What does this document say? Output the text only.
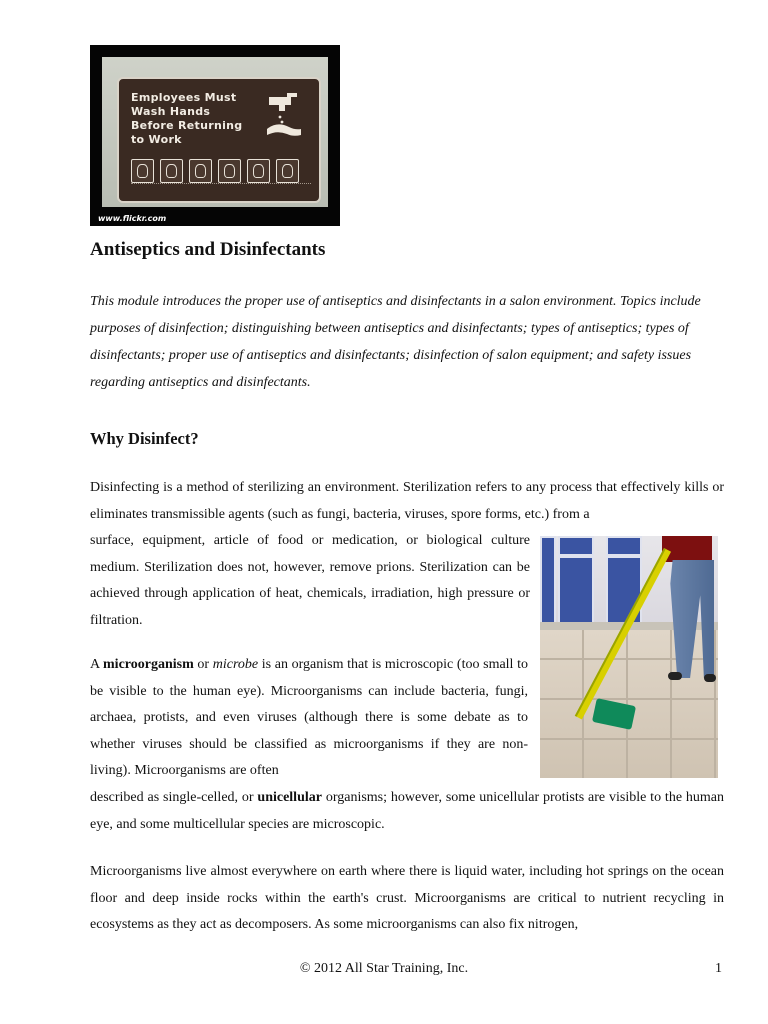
Employees Must
Wash Hands
Before Returning
to Work
www.flickr.com
Antiseptics and Disinfectants

This module introduces the proper use of antiseptics and disinfectants in a salon environment. Topics include purposes of disinfection; distinguishing between antiseptics and disinfectants; types of antiseptics; types of disinfectants; proper use of antiseptics and disinfectants; disinfection of salon equipment; and safety issues regarding antiseptics and disinfectants.

Why Disinfect?

Disinfecting is a method of sterilizing an environment. Sterilization refers to any process that effectively kills or eliminates transmissible agents (such as fungi, bacteria, viruses, spore forms, etc.) from a

surface, equipment, article of food or medication, or biological culture medium. Sterilization does not, however, remove prions. Sterilization can be achieved through application of heat, chemicals, irradiation, high pressure or filtration.

A microorganism or microbe is an organism that is microscopic (too small to be visible to the human eye). Microorganisms can include bacteria, fungi, archaea, protists, and even viruses (although there is some debate as to whether viruses should be classified as microorganisms if they are non-living). Microorganisms are often

described as single-celled, or unicellular organisms; however, some unicellular protists are visible to the human eye, and some multicellular species are microscopic.

Microorganisms live almost everywhere on earth where there is liquid water, including hot springs on the ocean floor and deep inside rocks within the earth's crust. Microorganisms are critical to nutrient recycling in ecosystems as they act as decomposers. As some microorganisms can also fix nitrogen,

© 2012 All Star Training, Inc.	1
